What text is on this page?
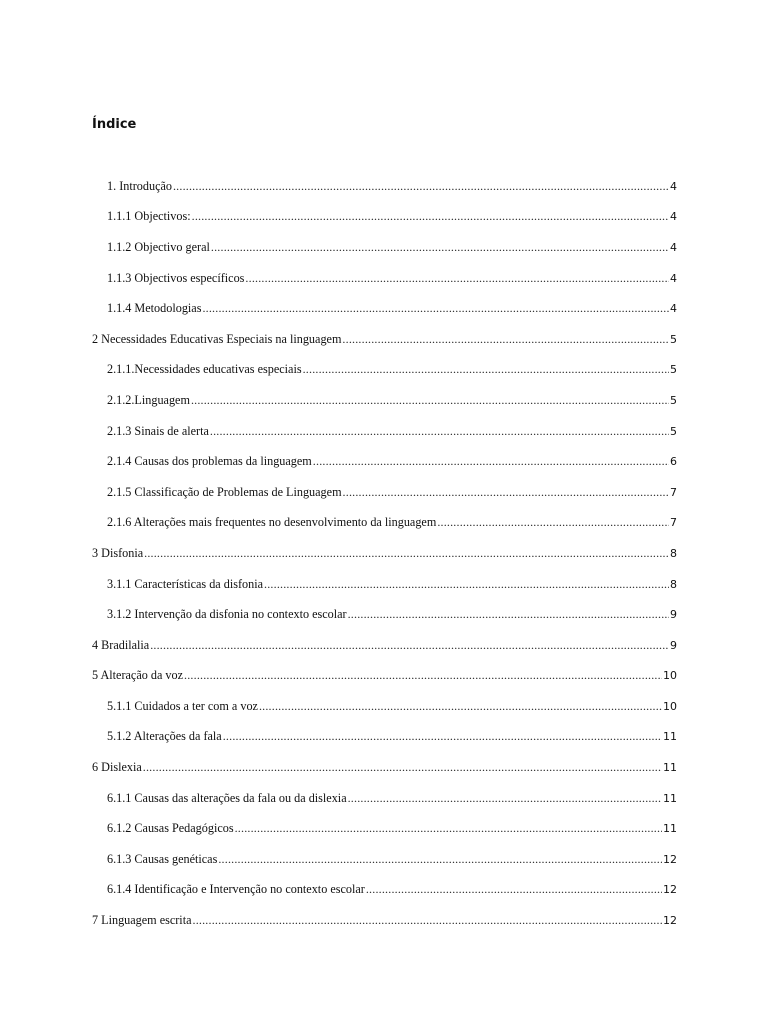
Índice
1. Introdução .....	4
1.1.1 Objectivos: .....	4
1.1.2 Objectivo geral .....	4
1.1.3 Objectivos específicos .....	4
1.1.4 Metodologias .....	4
2 Necessidades Educativas Especiais na linguagem .....	5
2.1.1.Necessidades educativas especiais .....	5
2.1.2.Linguagem .....	5
2.1.3 Sinais de alerta .....	5
2.1.4 Causas dos problemas da linguagem .....	6
2.1.5 Classificação de Problemas de Linguagem .....	7
2.1.6 Alterações mais frequentes no desenvolvimento da linguagem .....	7
3 Disfonia .....	8
3.1.1 Características da disfonia .....	8
3.1.2 Intervenção da disfonia no contexto escolar .....	9
4 Bradilalia .....	9
5 Alteração da voz .....	10
5.1.1 Cuidados a ter com a voz .....	10
5.1.2 Alterações da fala .....	11
6 Dislexia .....	11
6.1.1 Causas das alterações da fala ou da dislexia .....	11
6.1.2 Causas Pedagógicos .....	11
6.1.3 Causas genéticas .....	12
6.1.4 Identificação e Intervenção no contexto escolar .....	12
7 Linguagem escrita .....	12
